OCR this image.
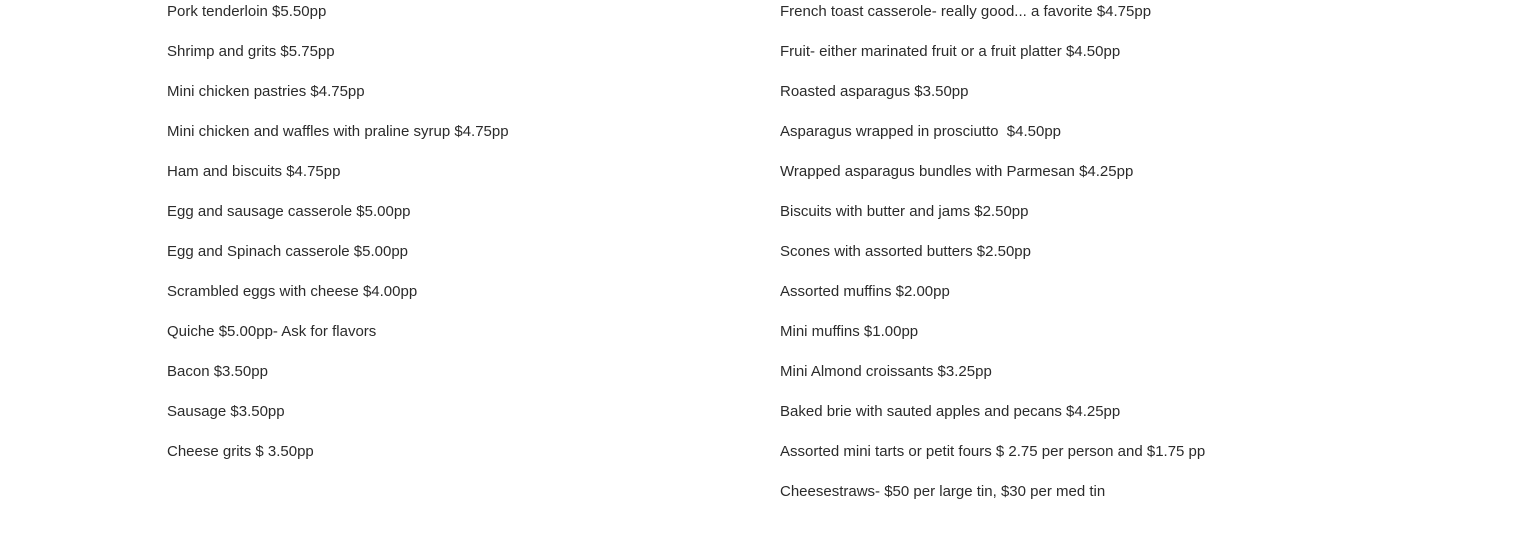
Pork tenderloin $5.50pp

Shrimp and grits $5.75pp

Mini chicken pastries $4.75pp

Mini chicken and waffles with praline syrup $4.75pp

Ham and biscuits $4.75pp

Egg and sausage casserole $5.00pp

Egg and Spinach casserole $5.00pp

Scrambled eggs with cheese $4.00pp

Quiche $5.00pp- Ask for flavors

Bacon $3.50pp

Sausage $3.50pp

Cheese grits $ 3.50pp

French toast casserole- really good... a favorite $4.75pp

Fruit- either marinated fruit or a fruit platter $4.50pp

Roasted asparagus $3.50pp

Asparagus wrapped in prosciutto  $4.50pp

Wrapped asparagus bundles with Parmesan $4.25pp

Biscuits with butter and jams $2.50pp

Scones with assorted butters $2.50pp

Assorted muffins $2.00pp

Mini muffins $1.00pp

Mini Almond croissants $3.25pp

Baked brie with sauted apples and pecans $4.25pp

Assorted mini tarts or petit fours $ 2.75 per person and $1.75 pp

Cheesestraws- $50 per large tin, $30 per med tin
